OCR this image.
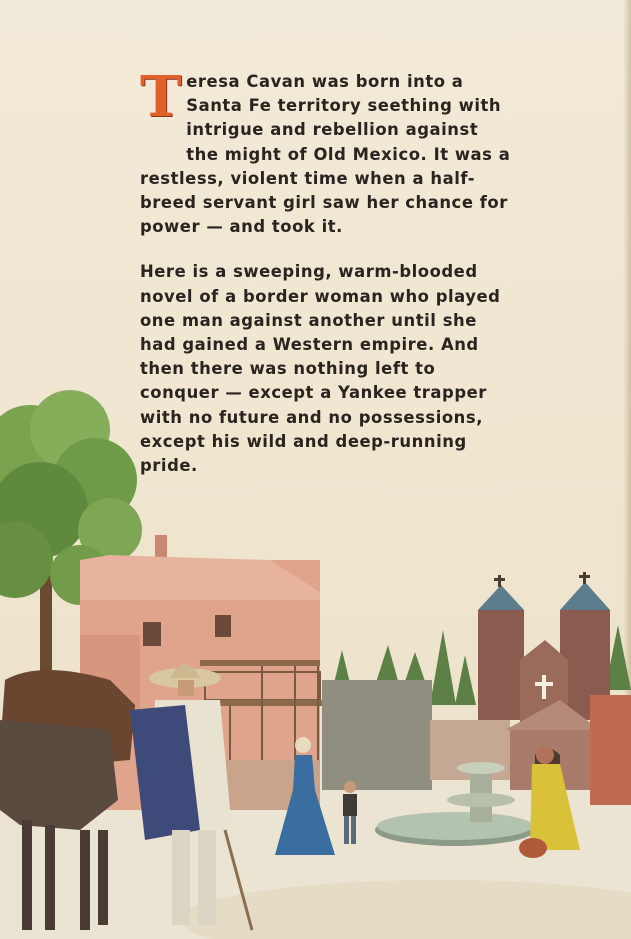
Teresa Cavan was born into a Santa Fe territory seething with intrigue and rebellion against the might of Old Mexico. It was a restless, violent time when a half-breed servant girl saw her chance for power — and took it.

Here is a sweeping, warm-blooded novel of a border woman who played one man against another until she had gained a Western empire. And then there was nothing left to conquer — except a Yankee trapper with no future and no possessions, except his wild and deep-running pride.
